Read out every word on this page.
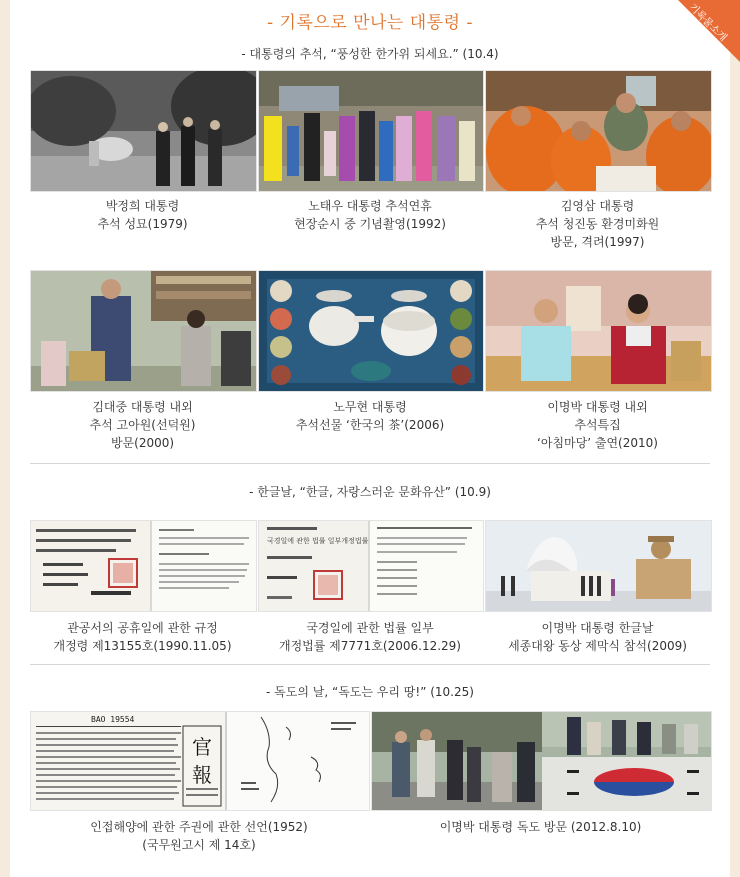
- 기록으로 만나는 대통령 -	기록물소개
- 대통령의 추석, “풍성한 한가위 되세요.” (10.4)
박정희 대통령
추석 성묘(1979)
노태우 대통령 추석연휴
현장순시 중 기념촬영(1992)
김영삼 대통령
추석 청진동 환경미화원
방문, 격려(1997)
김대중 대통령 내외
추석 고아원(선덕원)
방문(2000)
노무현 대통령
추석선물 ‘한국의 茶’(2006)
이명박 대통령 내외
추석특집
‘아침마당’ 출연(2010)
- 한글날, “한글, 자랑스러운 문화유산” (10.9)
국경일에 관한 법률 일부개정법률
관공서의 공휴일에 관한 규정
개정령 제13155호(1990.11.05)
국경일에 관한 법률 일부
개정법률 제7771호(2006.12.29)
이명박 대통령 한글날
세종대왕 동상 제막식 참석(2009)
- 독도의 날, “독도는 우리 땅!” (10.25)
BAO 19554
官
報
인접해양에 관한 주권에 관한 선언(1952)
(국무원고시 제 14호)
이명박 대통령 독도 방문 (2012.8.10)
